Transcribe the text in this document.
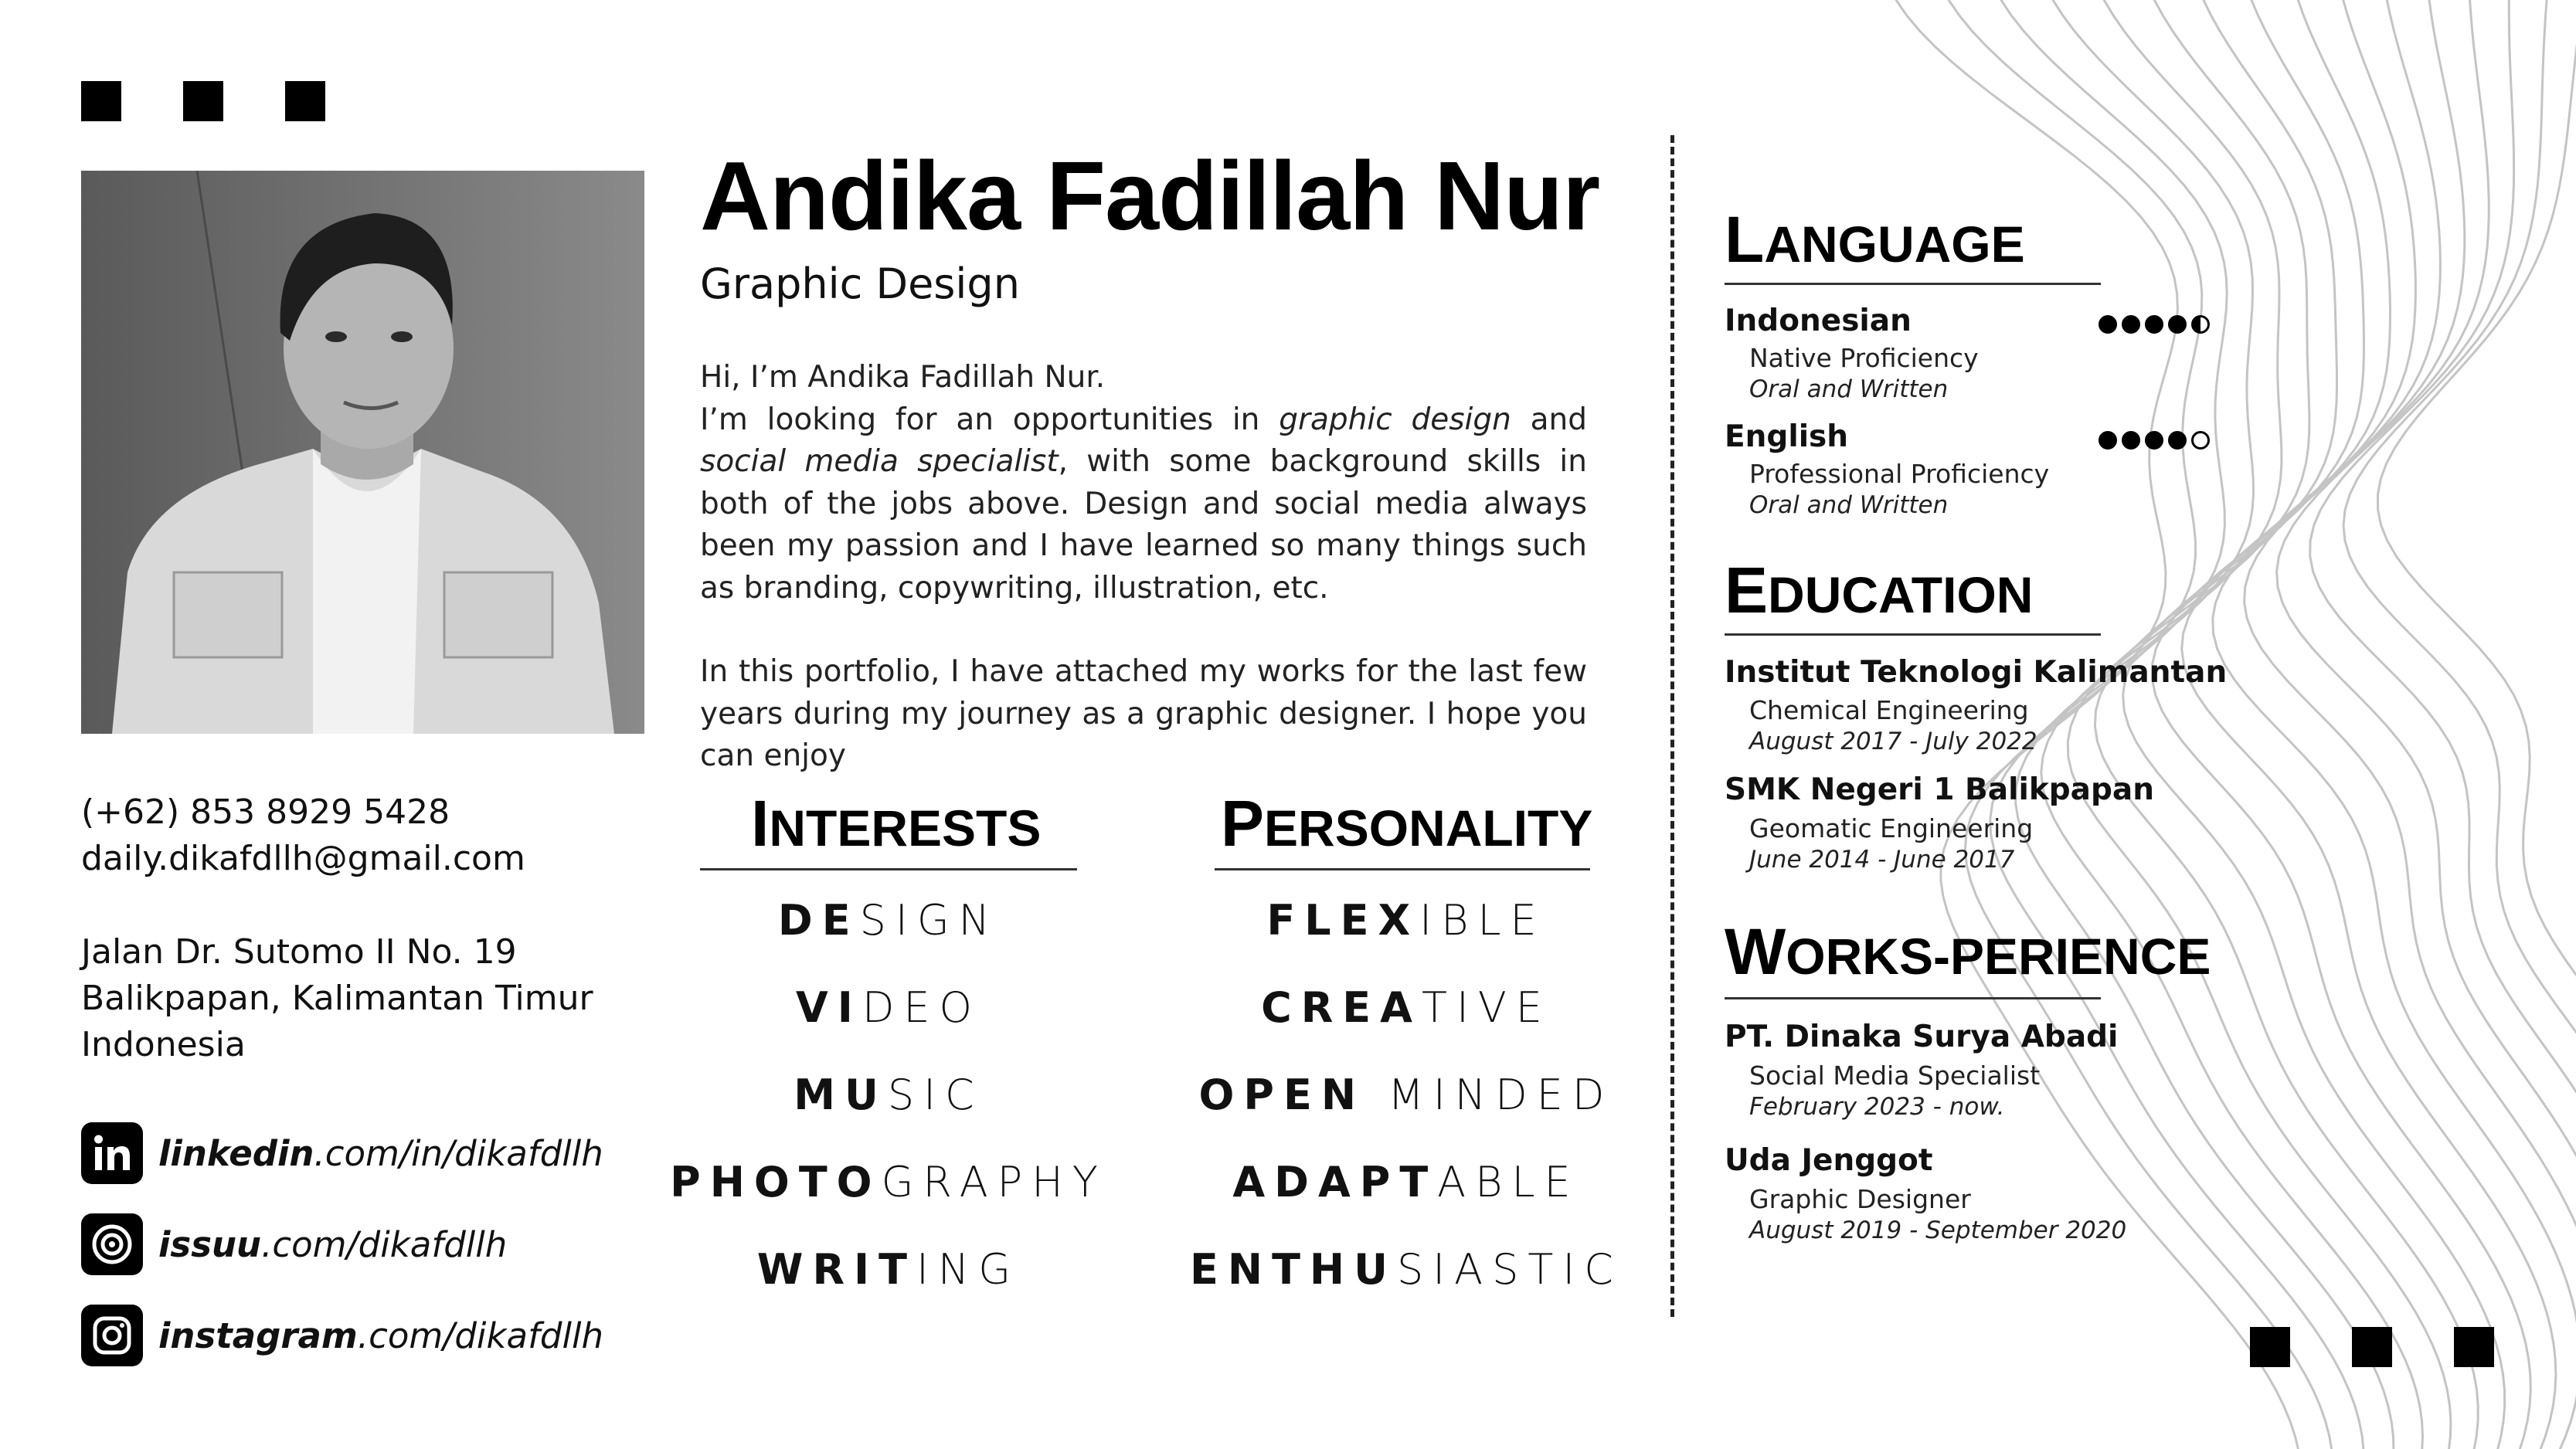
(+62) 853 8929 5428
daily.dikafdllh@gmail.com
Jalan Dr. Sutomo II No. 19
Balikpapan, Kalimantan Timur
Indonesia
linkedin.com/in/dikafdllh
issuu.com/dikafdllh
instagram.com/dikafdllh
Andika Fadillah Nur
Graphic Design

Hi, I’m Andika Fadillah Nur.

I’m looking for an opportunities in graphic design and social media specialist, with some background skills in both of the jobs above. Design and social media always been my passion and I have learned so many things such as branding, copywriting, illustration, etc.

In this portfolio, I have attached my works for the last few years during my journey as a graphic designer. I hope you can enjoy

INTERESTS
DESIGN
VIDEO
MUSIC
PHOTOGRAPHY
WRITING
PERSONALITY
FLEXIBLE
CREATIVE
OPEN MINDED
ADAPTABLE
ENTHUSIASTIC
LANGUAGE
Indonesian
Native Proficiency
Oral and Written
English
Professional Proficiency
Oral and Written
EDUCATION
Institut Teknologi Kalimantan
Chemical Engineering
August 2017 - July 2022
SMK Negeri 1 Balikpapan
Geomatic Engineering
June 2014 - June 2017
WORKS-PERIENCE
PT. Dinaka Surya Abadi
Social Media Specialist
February 2023 - now.
Uda Jenggot
Graphic Designer
August 2019 - September 2020
